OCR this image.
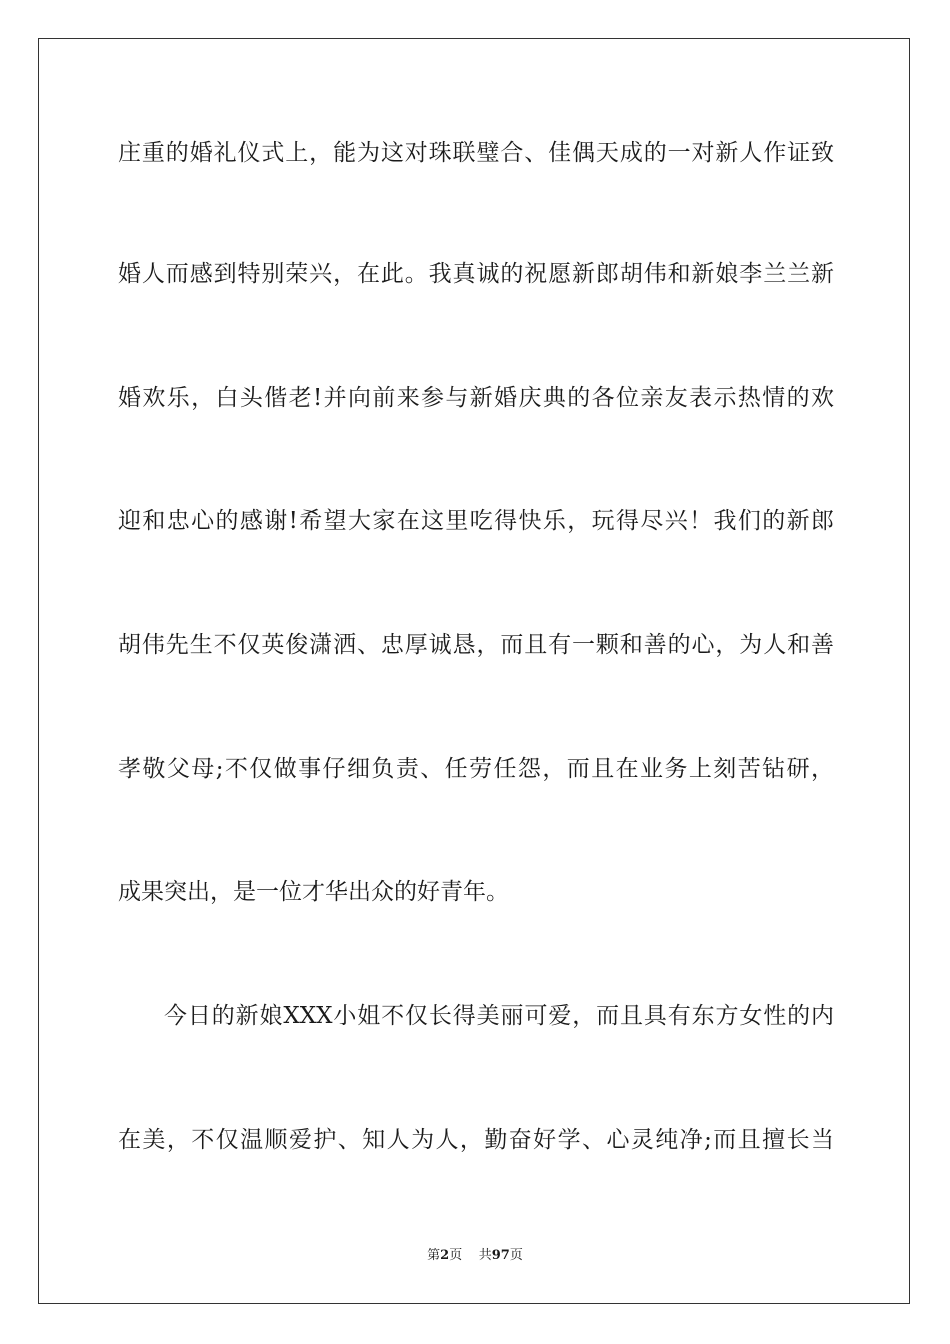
庄重的婚礼仪式上，能为这对珠联璧合、佳偶天成的一对新人作证致
婚人而感到特别荣兴，在此。我真诚的祝愿新郎胡伟和新娘李兰兰新
婚欢乐，白头偕老!并向前来参与新婚庆典的各位亲友表示热情的欢
迎和忠心的感谢!希望大家在这里吃得快乐，玩得尽兴！我们的新郎
胡伟先生不仅英俊潇洒、忠厚诚恳，而且有一颗和善的心，为人和善
孝敬父母;不仅做事仔细负责、任劳任怨，而且在业务上刻苦钻研，
成果突出，是一位才华出众的好青年。
今日的新娘XXX小姐不仅长得美丽可爱，而且具有东方女性的内
在美，不仅温顺爱护、知人为人，勤奋好学、心灵纯净;而且擅长当
第2页 共97页
